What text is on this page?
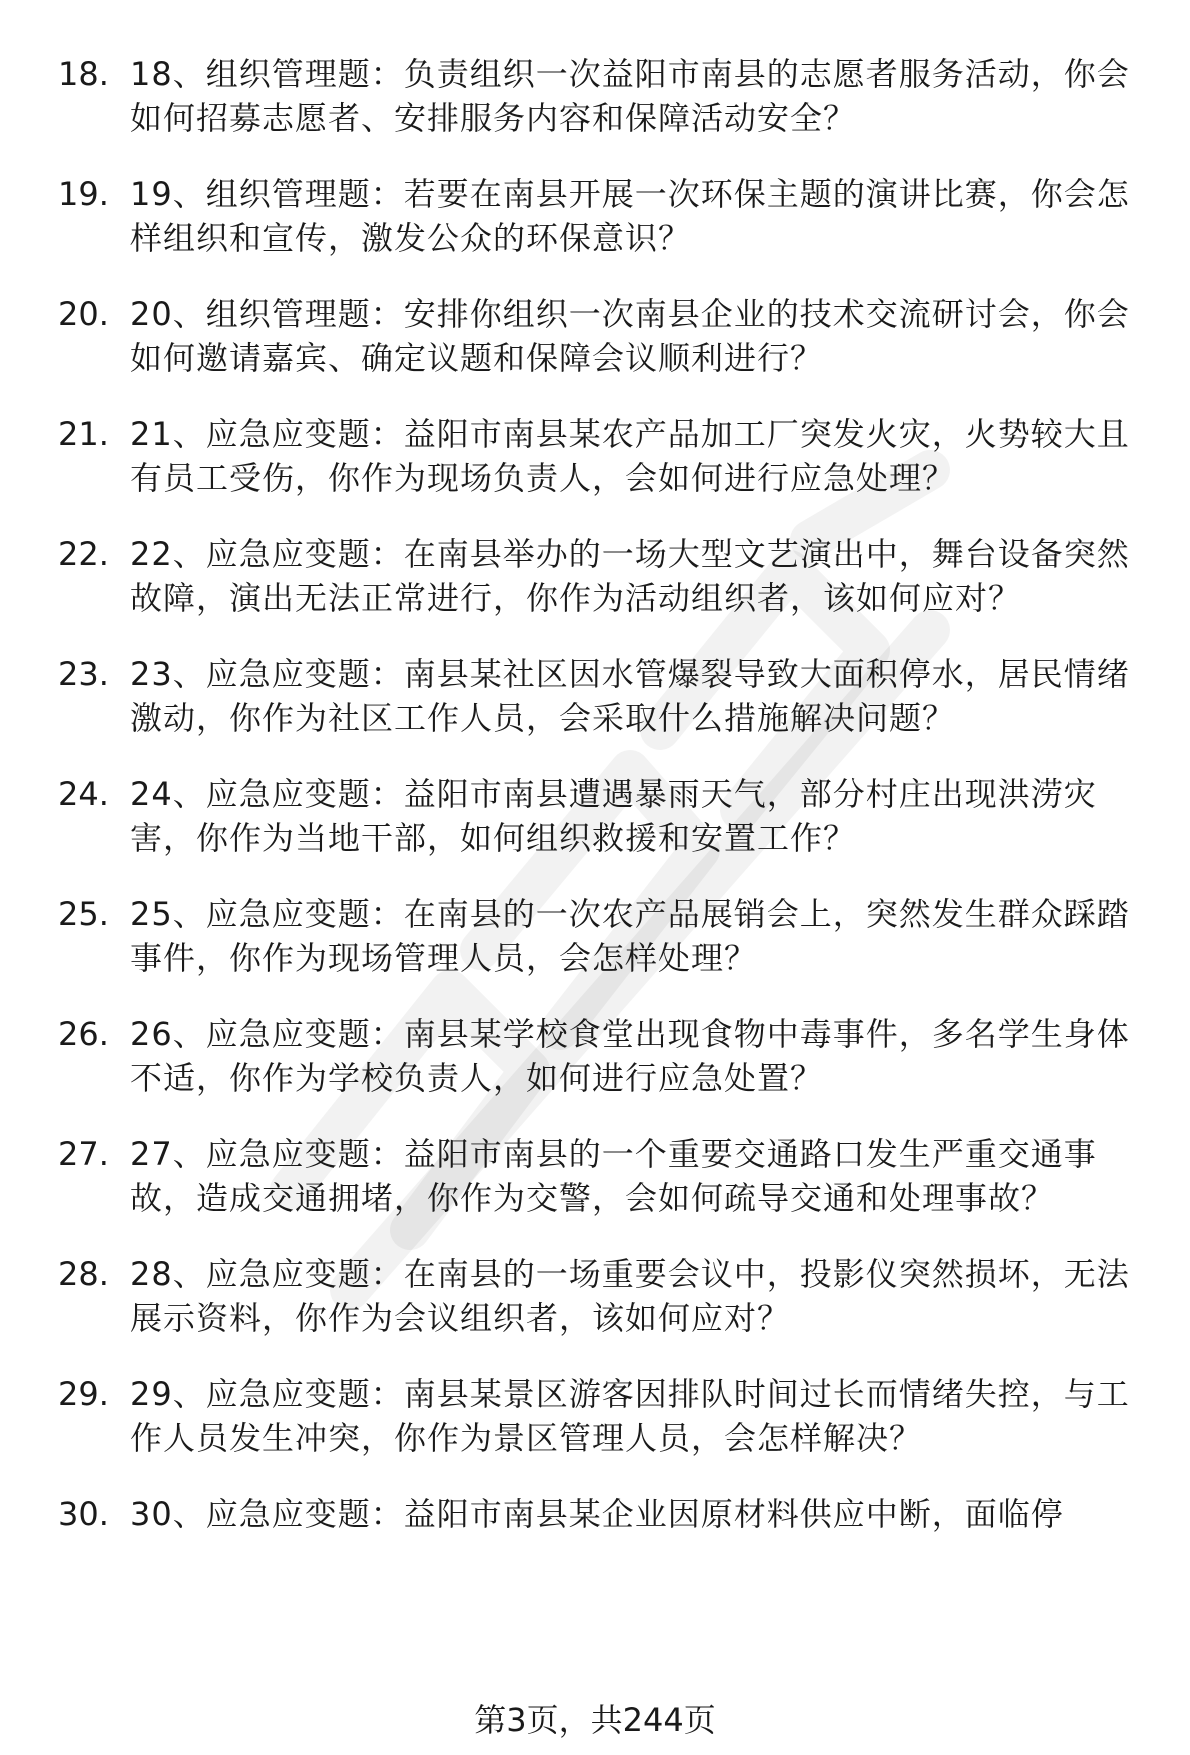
18. 18、组织管理题：负责组织一次益阳市南县的志愿者服务活动，你会如何招募志愿者、安排服务内容和保障活动安全？
19. 19、组织管理题：若要在南县开展一次环保主题的演讲比赛，你会怎样组织和宣传，激发公众的环保意识？
20. 20、组织管理题：安排你组织一次南县企业的技术交流研讨会，你会如何邀请嘉宾、确定议题和保障会议顺利进行？
21. 21、应急应变题：益阳市南县某农产品加工厂突发火灾，火势较大且有员工受伤，你作为现场负责人，会如何进行应急处理？
22. 22、应急应变题：在南县举办的一场大型文艺演出中，舞台设备突然故障，演出无法正常进行，你作为活动组织者，该如何应对？
23. 23、应急应变题：南县某社区因水管爆裂导致大面积停水，居民情绪激动，你作为社区工作人员，会采取什么措施解决问题？
24. 24、应急应变题：益阳市南县遭遇暴雨天气，部分村庄出现洪涝灾害，你作为当地干部，如何组织救援和安置工作？
25. 25、应急应变题：在南县的一次农产品展销会上，突然发生群众踩踏事件，你作为现场管理人员，会怎样处理？
26. 26、应急应变题：南县某学校食堂出现食物中毒事件，多名学生身体不适，你作为学校负责人，如何进行应急处置？
27. 27、应急应变题：益阳市南县的一个重要交通路口发生严重交通事故，造成交通拥堵，你作为交警，会如何疏导交通和处理事故？
28. 28、应急应变题：在南县的一场重要会议中，投影仪突然损坏，无法展示资料，你作为会议组织者，该如何应对？
29. 29、应急应变题：南县某景区游客因排队时间过长而情绪失控，与工作人员发生冲突，你作为景区管理人员，会怎样解决？
30. 30、应急应变题：益阳市南县某企业因原材料供应中断，面临停
第3页，共244页
